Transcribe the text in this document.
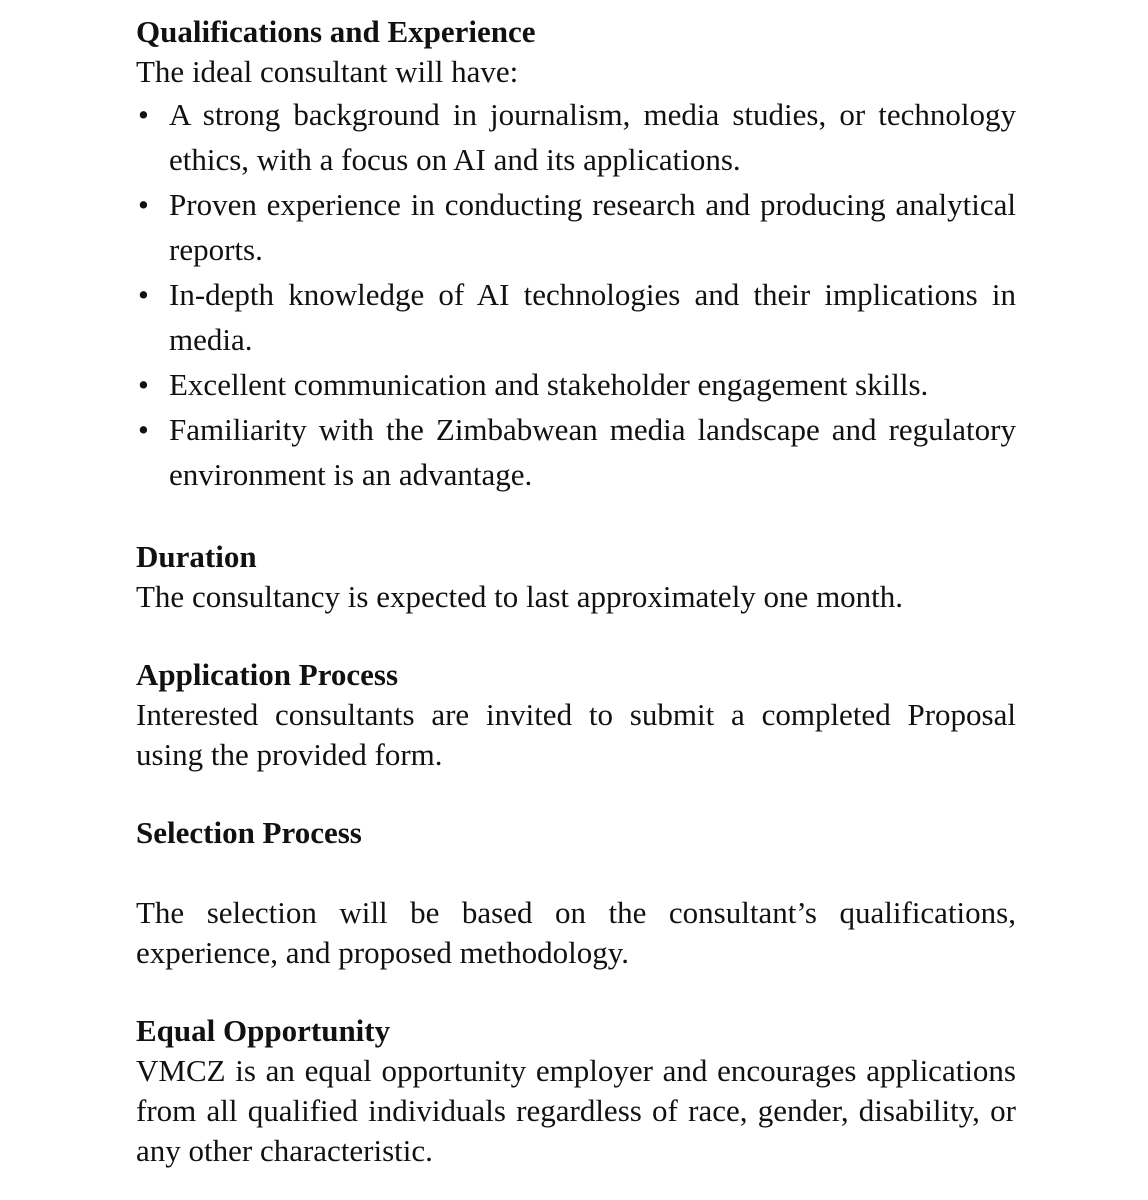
Qualifications and Experience

The ideal consultant will have:

• A strong background in journalism, media studies, or technology ethics, with a focus on AI and its applications.
• Proven experience in conducting research and producing analytical reports.
• In-depth knowledge of AI technologies and their implications in media.
• Excellent communication and stakeholder engagement skills.
• Familiarity with the Zimbabwean media landscape and regulatory environment is an advantage.
Duration

The consultancy is expected to last approximately one month.

Application Process

Interested consultants are invited to submit a completed Proposal using the provided form.

Selection Process

The selection will be based on the consultant’s qualifications, experience, and proposed methodology.

Equal Opportunity

VMCZ is an equal opportunity employer and encourages applications from all qualified individuals regardless of race, gender, disability, or any other characteristic.
